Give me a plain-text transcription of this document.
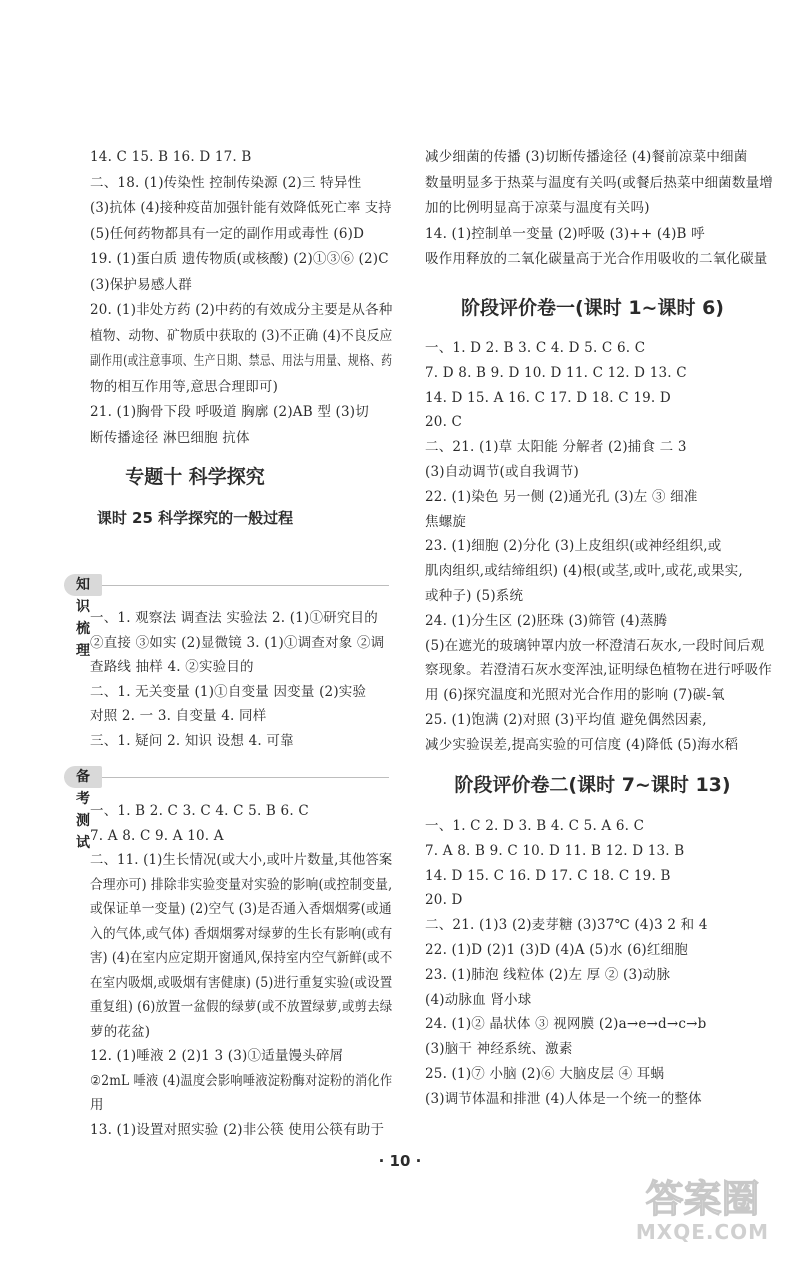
14. C 15. B 16. D 17. B
二、18. (1)传染性 控制传染源 (2)三 特异性
(3)抗体 (4)接种疫苗加强针能有效降低死亡率 支持
(5)任何药物都具有一定的副作用或毒性 (6)D
19. (1)蛋白质 遗传物质(或核酸) (2)①③⑥ (2)C
(3)保护易感人群
20. (1)非处方药 (2)中药的有效成分主要是从各种
植物、动物、矿物质中获取的 (3)不正确 (4)不良反应
副作用(或注意事项、生产日期、禁忌、用法与用量、规格、药
物的相互作用等,意思合理即可)
21. (1)胸骨下段 呼吸道 胸廓 (2)AB 型 (3)切
断传播途径 淋巴细胞 抗体
专题十 科学探究
课时 25 科学探究的一般过程
知识梳理
一、1. 观察法 调查法 实验法 2. (1)①研究目的
②直接 ③如实 (2)显微镜 3. (1)①调查对象 ②调
查路线 抽样 4. ②实验目的
二、1. 无关变量 (1)①自变量 因变量 (2)实验
对照 2. 一 3. 自变量 4. 同样
三、1. 疑问 2. 知识 设想 4. 可靠
备考测试
一、1. B 2. C 3. C 4. C 5. B 6. C
7. A 8. C 9. A 10. A
二、11. (1)生长情况(或大小,或叶片数量,其他答案
合理亦可) 排除非实验变量对实验的影响(或控制变量,
或保证单一变量) (2)空气 (3)是否通入香烟烟雾(或通
入的气体,或气体) 香烟烟雾对绿萝的生长有影响(或有
害) (4)在室内应定期开窗通风,保持室内空气新鲜(或不
在室内吸烟,或吸烟有害健康) (5)进行重复实验(或设置
重复组) (6)放置一盆假的绿萝(或不放置绿萝,或剪去绿
萝的花盆)
12. (1)唾液 2 (2)1 3 (3)①适量馒头碎屑
②2mL 唾液 (4)温度会影响唾液淀粉酶对淀粉的消化作
用
13. (1)设置对照实验 (2)非公筷 使用公筷有助于
减少细菌的传播 (3)切断传播途径 (4)餐前凉菜中细菌
数量明显多于热菜与温度有关吗(或餐后热菜中细菌数量增
加的比例明显高于凉菜与温度有关吗)
14. (1)控制单一变量 (2)呼吸 (3)++ (4)B 呼
吸作用释放的二氧化碳量高于光合作用吸收的二氧化碳量
阶段评价卷一(课时 1~课时 6)
一、1. D 2. B 3. C 4. D 5. C 6. C
7. D 8. B 9. D 10. D 11. C 12. D 13. C
14. D 15. A 16. C 17. D 18. C 19. D
20. C
二、21. (1)草 太阳能 分解者 (2)捕食 二 3
(3)自动调节(或自我调节)
22. (1)染色 另一侧 (2)通光孔 (3)左 ③ 细准
焦螺旋
23. (1)细胞 (2)分化 (3)上皮组织(或神经组织,或
肌肉组织,或结缔组织) (4)根(或茎,或叶,或花,或果实,
或种子) (5)系统
24. (1)分生区 (2)胚珠 (3)筛管 (4)蒸腾
(5)在遮光的玻璃钟罩内放一杯澄清石灰水,一段时间后观
察现象。若澄清石灰水变浑浊,证明绿色植物在进行呼吸作
用 (6)探究温度和光照对光合作用的影响 (7)碳-氧
25. (1)饱满 (2)对照 (3)平均值 避免偶然因素,
减少实验误差,提高实验的可信度 (4)降低 (5)海水稻
阶段评价卷二(课时 7~课时 13)
一、1. C 2. D 3. B 4. C 5. A 6. C
7. A 8. B 9. C 10. D 11. B 12. D 13. B
14. D 15. C 16. D 17. C 18. C 19. B
20. D
二、21. (1)3 (2)麦芽糖 (3)37℃ (4)3 2 和 4
22. (1)D (2)1 (3)D (4)A (5)水 (6)红细胞
23. (1)肺泡 线粒体 (2)左 厚 ② (3)动脉
(4)动脉血 肾小球
24. (1)② 晶状体 ③ 视网膜 (2)a→e→d→c→b
(3)脑干 神经系统、激素
25. (1)⑦ 小脑 (2)⑥ 大脑皮层 ④ 耳蜗
(3)调节体温和排泄 (4)人体是一个统一的整体
· 10 ·
答案圈
MXQE.COM
